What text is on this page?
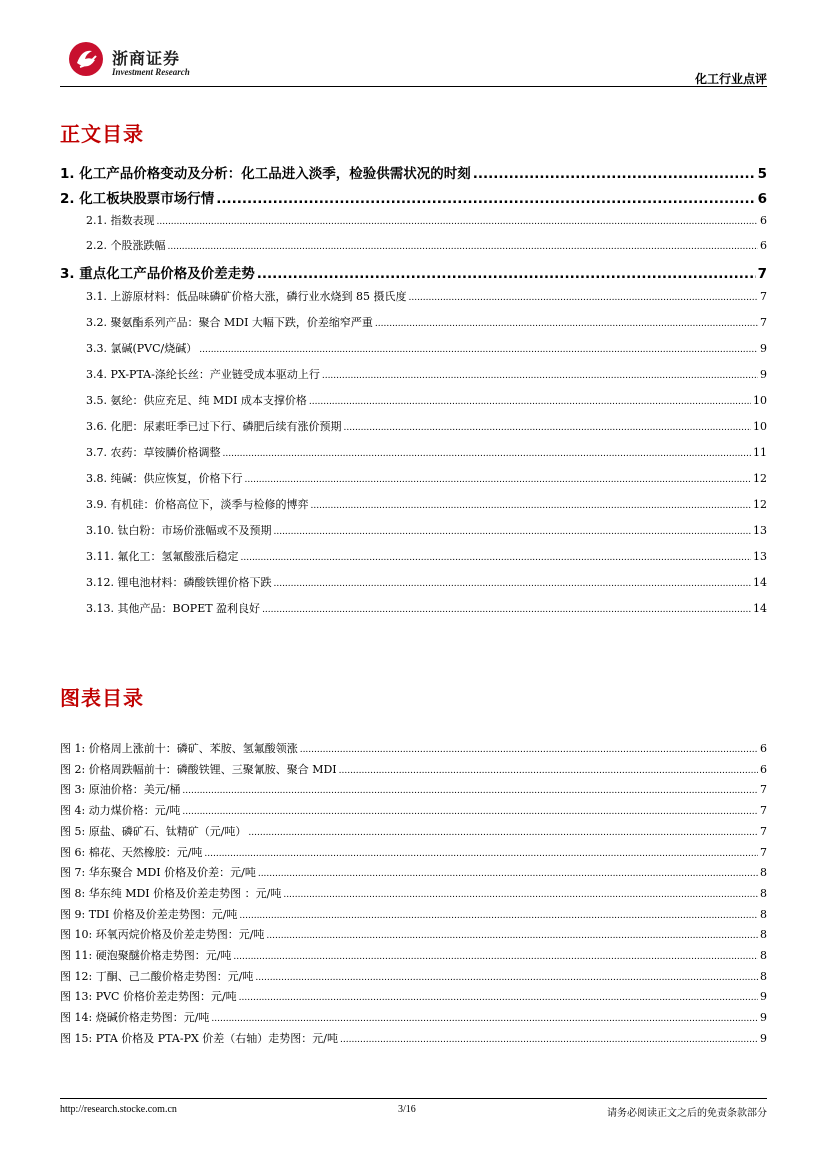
浙商证券
Investment Research	化工行业点评
正文目录
1. 化工产品价格变动及分析：化工品进入淡季，检验供需状况的时刻 .....	5
2. 化工板块股票市场行情 .....	6
2.1. 指数表现 .....	6
2.2. 个股涨跌幅 .....	6
3. 重点化工产品价格及价差走势 .....	7
3.1. 上游原材料：低品味磷矿价格大涨，磷行业水烧到 85 摄氏度 .....	7
3.2. 聚氨酯系列产品：聚合 MDI 大幅下跌，价差缩窄严重 .....	7
3.3. 氯碱(PVC/烧碱） .....	9
3.4. PX-PTA-涤纶长丝：产业链受成本驱动上行 .....	9
3.5. 氨纶：供应充足、纯 MDI 成本支撑价格 .....	10
3.6. 化肥：尿素旺季已过下行、磷肥后续有涨价预期 .....	10
3.7. 农药：草铵膦价格调整 .....	11
3.8. 纯碱：供应恢复，价格下行 .....	12
3.9. 有机硅：价格高位下，淡季与检修的博弈 .....	12
3.10. 钛白粉：市场价涨幅或不及预期 .....	13
3.11. 氟化工：氢氟酸涨后稳定 .....	13
3.12. 锂电池材料：磷酸铁锂价格下跌 .....	14
3.13. 其他产品：BOPET 盈利良好 .....	14
图表目录
图 1: 价格周上涨前十：磷矿、苯胺、氢氟酸领涨 .....	6
图 2: 价格周跌幅前十：磷酸铁锂、三聚氰胺、聚合 MDI .....	6
图 3: 原油价格：美元/桶 .....	7
图 4: 动力煤价格：元/吨 .....	7
图 5: 原盐、磷矿石、钛精矿（元/吨） .....	7
图 6: 棉花、天然橡胶：元/吨 .....	7
图 7: 华东聚合 MDI 价格及价差：元/吨 .....	8
图 8: 华东纯 MDI 价格及价差走势图 ：元/吨 .....	8
图 9: TDI 价格及价差走势图：元/吨 .....	8
图 10: 环氧丙烷价格及价差走势图：元/吨 .....	8
图 11: 硬泡聚醚价格走势图：元/吨 .....	8
图 12: 丁酮、己二酸价格走势图：元/吨 .....	8
图 13: PVC 价格价差走势图：元/吨 .....	9
图 14: 烧碱价格走势图：元/吨 .....	9
图 15: PTA 价格及 PTA-PX 价差（右轴）走势图：元/吨 .....	9
http://research.stocke.com.cn	3/16	请务必阅读正文之后的免责条款部分
